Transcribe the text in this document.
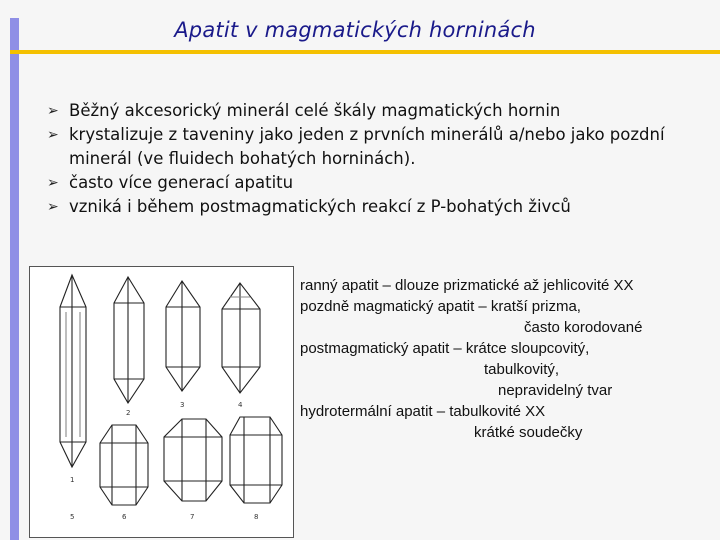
Apatit v magmatických horninách
➢ Běžný akcesorický minerál celé škály magmatických hornin
➢ krystalizuje z taveniny jako jeden z prvních minerálů a/nebo jako pozdní minerál (ve fluidech bohatých horninách).
➢ často více generací apatitu
➢ vzniká i během postmagmatických reakcí z P-bohatých živců
1
2
3	4
5	6	7	8
ranný apatit – dlouze prizmatické až jehlicovité XX
pozdně magmatický apatit – kratší prizma,
často korodované
postmagmatický apatit – krátce sloupcovitý,
tabulkovitý,
nepravidelný tvar
hydrotermální apatit – tabulkovité XX
krátké soudečky
